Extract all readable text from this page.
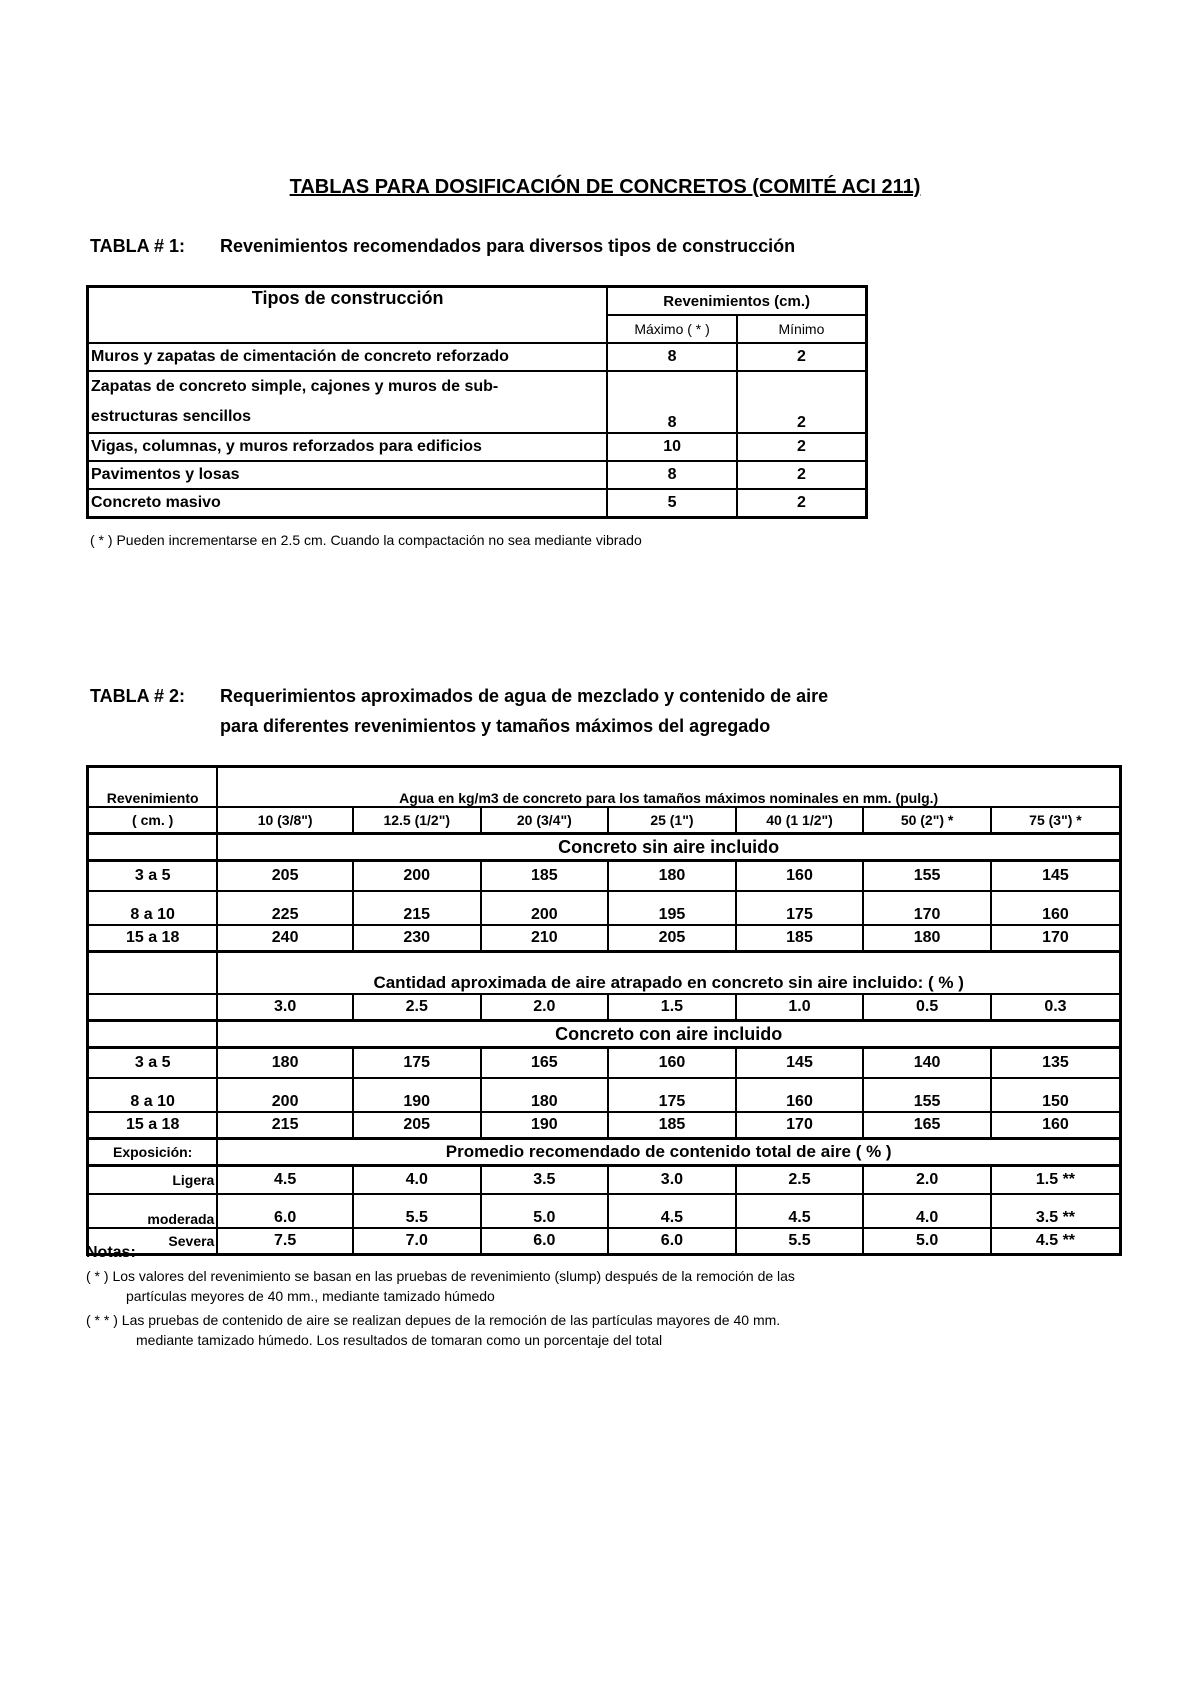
TABLAS PARA DOSIFICACIÓN DE CONCRETOS (COMITÉ ACI 211)
TABLA # 1: Revenimientos recomendados para diversos tipos de construcción
Tipos de construcción	Revenimientos (cm.)	
	Máximo ( * )	Mínimo
Muros y zapatas de cimentación de concreto reforzado	8	2

Zapatas de concreto simple, cajones y muros de sub-
estructuras sencillos	8	2
Vigas, columnas, y muros reforzados para edificios	10	2
Pavimentos y losas	8	2
Concreto masivo	5	2
( * ) Pueden incrementarse en 2.5 cm. Cuando la compactación no sea mediante vibrado
TABLA # 2: Requerimientos aproximados de agua de mezclado y contenido de aire
para diferentes revenimientos y tamaños máximos del agregado
Revenimiento	Agua en kg/m3 de concreto para los tamaños máximos nominales en mm. (pulg.)						
( cm. )	10 (3/8")	12.5 (1/2")	20 (3/4")	25 (1")	40 (1 1/2")	50 (2") *	75 (3") *
	Concreto sin aire incluido						
3 a 5	205	200	185	180	160	155	145
8 a 10	225	215	200	195	175	170	160
15 a 18	240	230	210	205	185	180	170
	Cantidad aproximada de aire atrapado en concreto sin aire incluido: ( % )						
	3.0	2.5	2.0	1.5	1.0	0.5	0.3
	Concreto con aire incluido						
3 a 5	180	175	165	160	145	140	135
8 a 10	200	190	180	175	160	155	150
15 a 18	215	205	190	185	170	165	160
Exposición:	Promedio recomendado de contenido total de aire ( % )						
Ligera	4.5	4.0	3.5	3.0	2.5	2.0	1.5 **
moderada	6.0	5.5	5.0	4.5	4.5	4.0	3.5 **
Severa	7.5	7.0	6.0	6.0	5.5	5.0	4.5 **
Notas:
( * ) Los valores del revenimiento se basan en las pruebas de revenimiento (slump) después de la remoción de las
partículas meyores de 40 mm., mediante tamizado húmedo
( * * ) Las pruebas de contenido de aire se realizan depues de la remoción de las partículas mayores de 40 mm.
mediante tamizado húmedo. Los resultados de tomaran como un porcentaje del total
